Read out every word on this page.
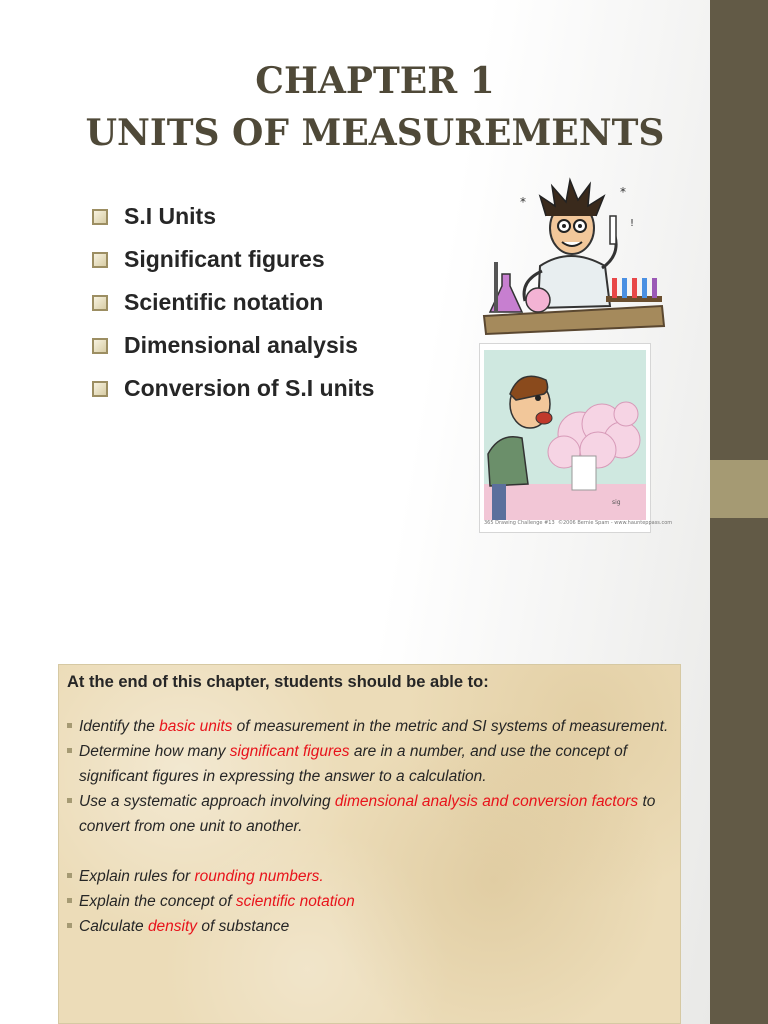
CHAPTER 1
UNITS OF MEASUREMENTS
S.I Units
Significant figures
Scientific notation
Dimensional analysis
Conversion of S.I units
*
*
!
sig
365 Drawing Challenge #13 ©2006 Bernie Spam - www.haunteppass.com

At the end of this chapter, students should be able to:

Identify the basic units of measurement in the metric and SI systems of measurement.
Determine how many significant figures are in a number, and use the concept of significant figures in expressing the answer to a calculation.
Use a systematic approach involving dimensional analysis and conversion factors to convert from one unit to another.
Explain rules for rounding numbers.
Explain the concept of scientific notation
Calculate density of substance
